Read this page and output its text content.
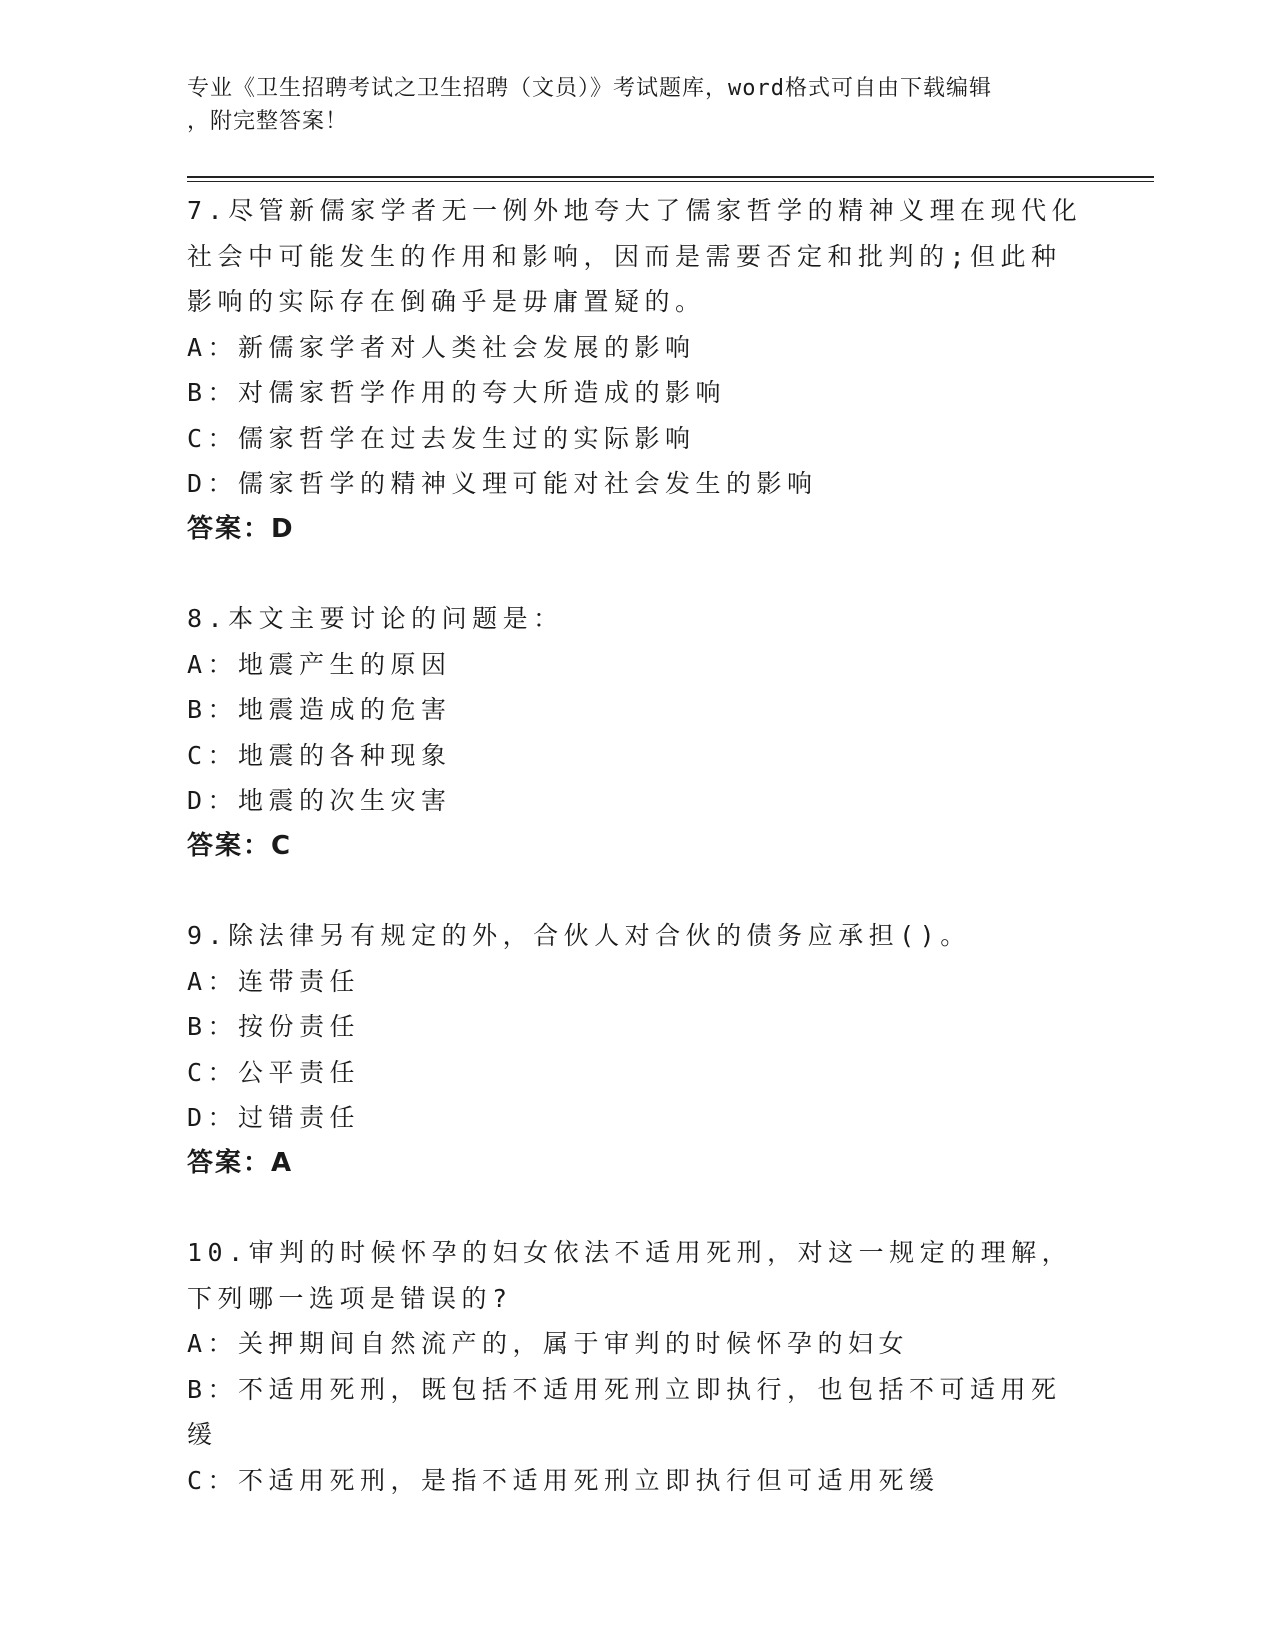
专业《卫生招聘考试之卫生招聘（文员）》考试题库，word格式可自由下载编辑
，附完整答案！
7.尽管新儒家学者无一例外地夸大了儒家哲学的精神义理在现代化社会中可能发生的作用和影响，因而是需要否定和批判的;但此种影响的实际存在倒确乎是毋庸置疑的。
A：新儒家学者对人类社会发展的影响
B：对儒家哲学作用的夸大所造成的影响
C：儒家哲学在过去发生过的实际影响
D：儒家哲学的精神义理可能对社会发生的影响
答案：D
8.本文主要讨论的问题是：
A：地震产生的原因
B：地震造成的危害
C：地震的各种现象
D：地震的次生灾害
答案：C
9.除法律另有规定的外，合伙人对合伙的债务应承担()。
A：连带责任
B：按份责任
C：公平责任
D：过错责任
答案：A
10.审判的时候怀孕的妇女依法不适用死刑，对这一规定的理解，下列哪一选项是错误的?
A：关押期间自然流产的，属于审判的时候怀孕的妇女
B：不适用死刑，既包括不适用死刑立即执行，也包括不可适用死缓
C：不适用死刑，是指不适用死刑立即执行但可适用死缓
